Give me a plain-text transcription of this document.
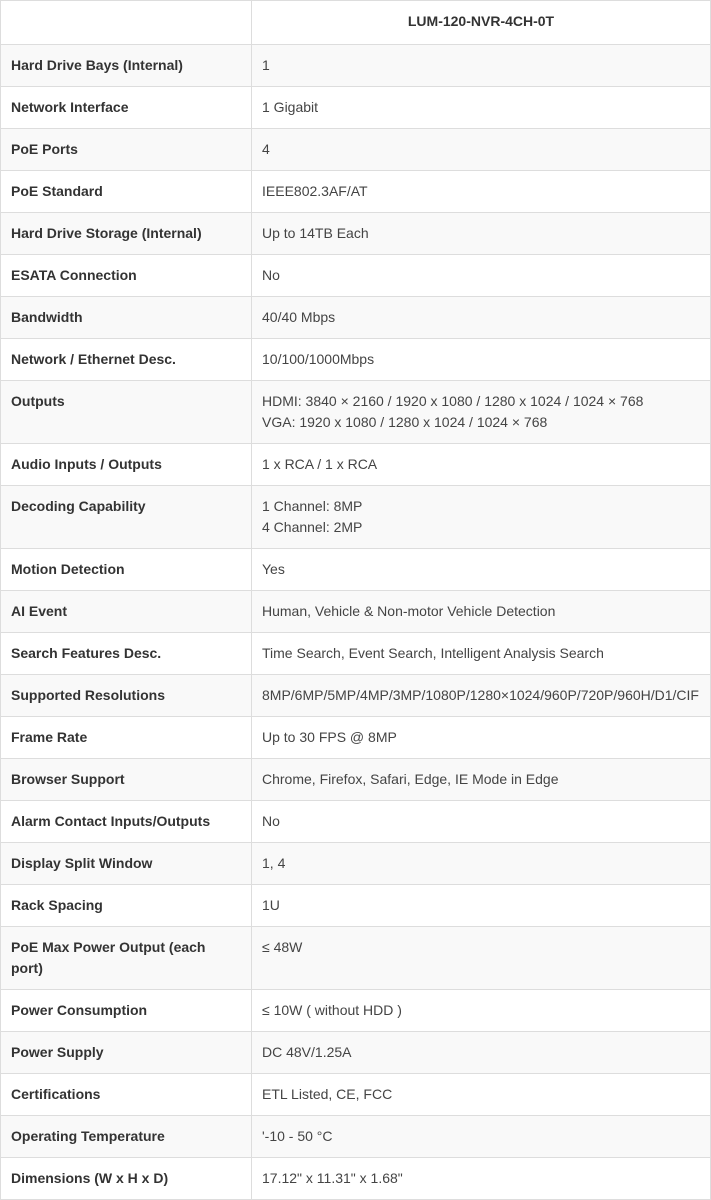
	LUM-120-NVR-4CH-0T
Hard Drive Bays (Internal)	1

Network Interface	1 Gigabit

PoE Ports	4

PoE Standard	IEEE802.3AF/AT

Hard Drive Storage (Internal)	Up to 14TB Each

ESATA Connection	No

Bandwidth	40/40 Mbps

Network / Ethernet Desc.	10/100/1000Mbps

Outputs	HDMI: 3840 × 2160 / 1920 x 1080 / 1280 x 1024 / 1024 × 768
VGA: 1920 x 1080 / 1280 x 1024 / 1024 × 768

Audio Inputs / Outputs	1 x RCA / 1 x RCA

Decoding Capability	1 Channel: 8MP
4 Channel: 2MP

Motion Detection	Yes

AI Event	Human, Vehicle & Non-motor Vehicle Detection

Search Features Desc.	Time Search, Event Search, Intelligent Analysis Search

Supported Resolutions	8MP/6MP/5MP/4MP/3MP/1080P/1280×1024/960P/720P/960H/D1/CIF

Frame Rate	Up to 30 FPS @ 8MP

Browser Support	Chrome, Firefox, Safari, Edge, IE Mode in Edge

Alarm Contact Inputs/Outputs	No

Display Split Window	1, 4

Rack Spacing	1U

PoE Max Power Output (each port)	≤ 48W

Power Consumption	≤ 10W ( without HDD )

Power Supply	DC 48V/1.25A

Certifications	ETL Listed, CE, FCC

Operating Temperature	'-10 - 50 °C

Dimensions (W x H x D)	17.12" x 11.31" x 1.68"
